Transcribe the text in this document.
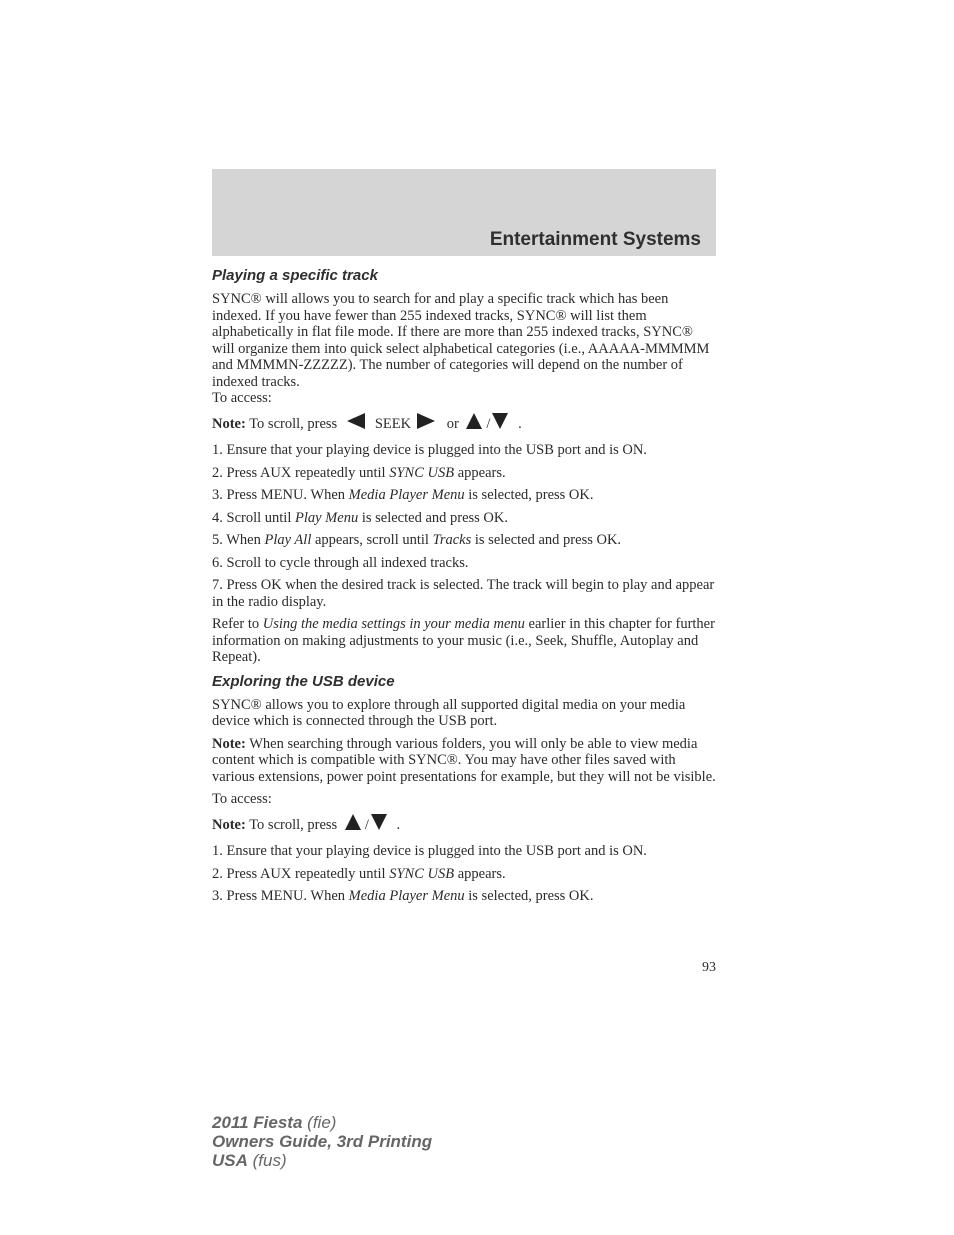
Entertainment Systems
Playing a specific track

SYNC® will allows you to search for and play a specific track which has been indexed. If you have fewer than 255 indexed tracks, SYNC® will list them alphabetically in flat file mode. If there are more than 255 indexed tracks, SYNC® will organize them into quick select alphabetical categories (i.e., AAAAA-MMMMM and MMMMN-ZZZZZ). The number of categories will depend on the number of indexed tracks.

To access:

Note: To scroll, press	SEEK or / .

1. Ensure that your playing device is plugged into the USB port and is ON.

2. Press AUX repeatedly until SYNC USB appears.

3. Press MENU. When Media Player Menu is selected, press OK.

4. Scroll until Play Menu is selected and press OK.

5. When Play All appears, scroll until Tracks is selected and press OK.

6. Scroll to cycle through all indexed tracks.

7. Press OK when the desired track is selected. The track will begin to play and appear in the radio display.

Refer to Using the media settings in your media menu earlier in this chapter for further information on making adjustments to your music (i.e., Seek, Shuffle, Autoplay and Repeat).

Exploring the USB device

SYNC® allows you to explore through all supported digital media on your media device which is connected through the USB port.

Note: When searching through various folders, you will only be able to view media content which is compatible with SYNC®. You may have other files saved with various extensions, power point presentations for example, but they will not be visible.

To access:

Note: To scroll, press / .

1. Ensure that your playing device is plugged into the USB port and is ON.

2. Press AUX repeatedly until SYNC USB appears.

3. Press MENU. When Media Player Menu is selected, press OK.

93
2011 Fiesta (fie)
Owners Guide, 3rd Printing
USA (fus)
